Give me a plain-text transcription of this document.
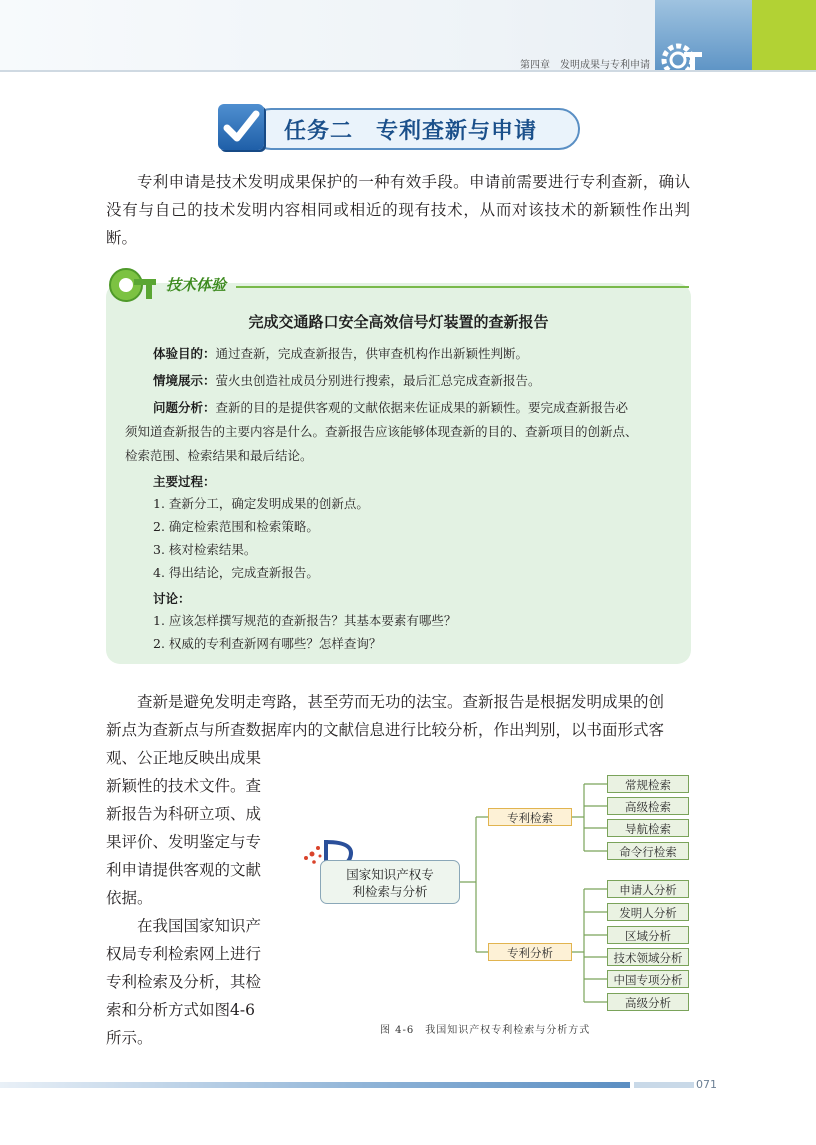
第四章　发明成果与专利申请
任务二　专利查新与申请

专利申请是技术发明成果保护的一种有效手段。申请前需要进行专利查新，确认没有与自己的技术发明内容相同或相近的现有技术，从而对该技术的新颖性作出判断。

技术体验
完成交通路口安全高效信号灯装置的查新报告
体验目的：通过查新，完成查新报告，供审查机构作出新颖性判断。
情境展示：萤火虫创造社成员分别进行搜索，最后汇总完成查新报告。
问题分析：查新的目的是提供客观的文献依据来佐证成果的新颖性。要完成查新报告必
须知道查新报告的主要内容是什么。查新报告应该能够体现查新的目的、查新项目的创新点、
检索范围、检索结果和最后结论。
主要过程：
1. 查新分工，确定发明成果的创新点。
2. 确定检索范围和检索策略。
3. 核对检索结果。
4. 得出结论，完成查新报告。
讨论：
1. 应该怎样撰写规范的查新报告？其基本要素有哪些？
2. 权威的专利查新网有哪些？怎样查询？

查新是避免发明走弯路，甚至劳而无功的法宝。查新报告是根据发明成果的创

新点为查新点与所查数据库内的文献信息进行比较分析，作出判别，以书面形式客

观、公正地反映出成果

新颖性的技术文件。查

新报告为科研立项、成

果评价、发明鉴定与专

利申请提供客观的文献

依据。

在我国国家知识产

权局专利检索网上进行

专利检索及分析，其检

索和分析方式如图4-6

所示。

国家知识产权专
利检索与分析
专利检索
专利分析
常规检索
高级检索
导航检索
命令行检索
申请人分析
发明人分析
区域分析
技术领域分析
中国专项分析
高级分析
图 4-6　我国知识产权专利检索与分析方式
071
